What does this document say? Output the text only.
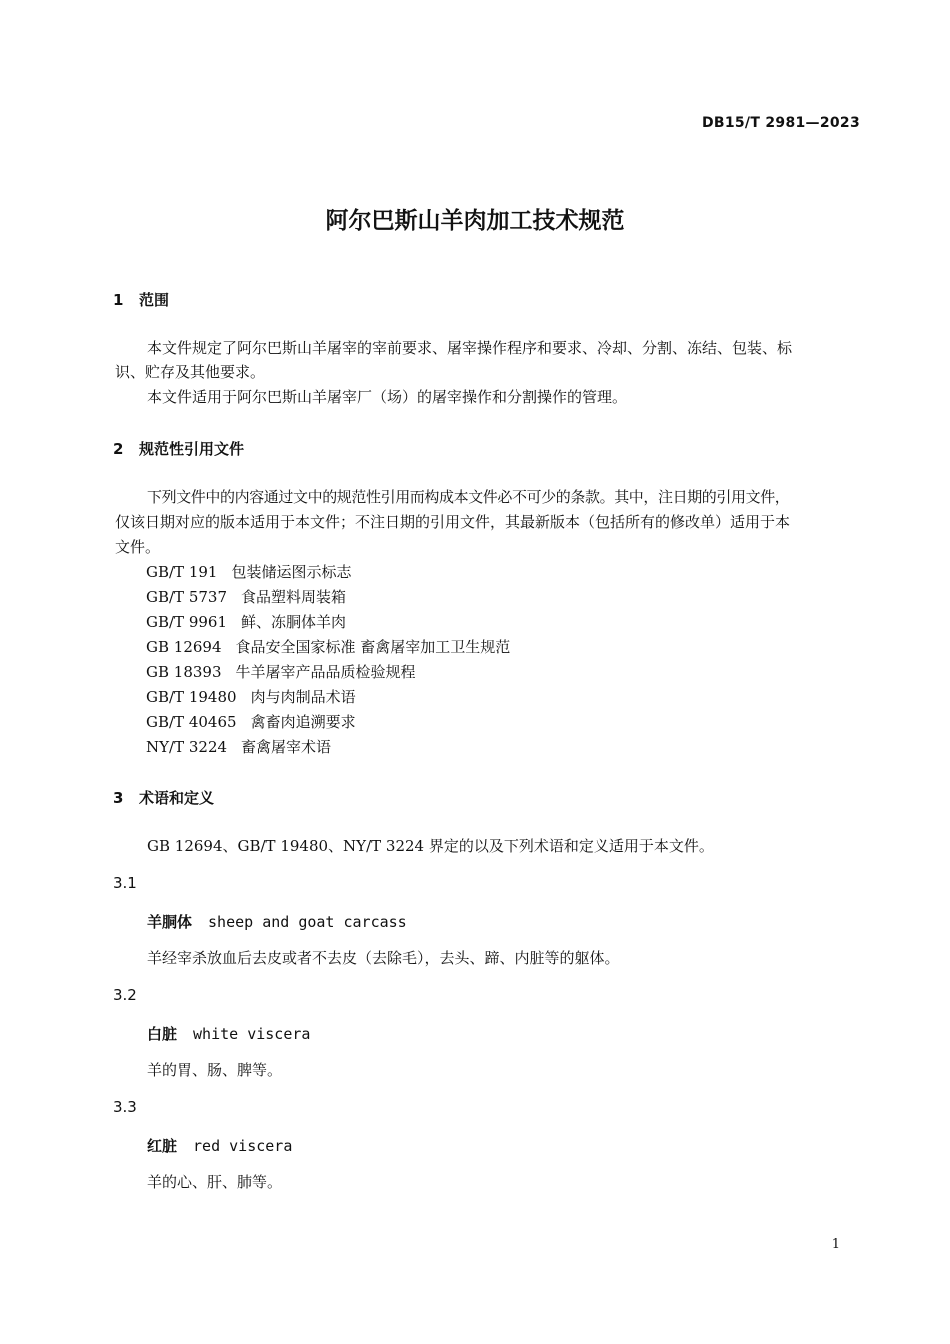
DB15/T 2981—2023
阿尔巴斯山羊肉加工技术规范
1 范围
本文件规定了阿尔巴斯山羊屠宰的宰前要求、屠宰操作程序和要求、冷却、分割、冻结、包装、标
识、贮存及其他要求。
本文件适用于阿尔巴斯山羊屠宰厂（场）的屠宰操作和分割操作的管理。
2 规范性引用文件
下列文件中的内容通过文中的规范性引用而构成本文件必不可少的条款。其中，注日期的引用文件，
仅该日期对应的版本适用于本文件；不注日期的引用文件，其最新版本（包括所有的修改单）适用于本
文件。
GB/T 191 包装储运图示标志
GB/T 5737 食品塑料周装箱
GB/T 9961 鲜、冻胴体羊肉
GB 12694 食品安全国家标准 畜禽屠宰加工卫生规范
GB 18393 牛羊屠宰产品品质检验规程
GB/T 19480 肉与肉制品术语
GB/T 40465 禽畜肉追溯要求
NY/T 3224 畜禽屠宰术语
3 术语和定义
GB 12694、GB/T 19480、NY/T 3224 界定的以及下列术语和定义适用于本文件。
3.1
羊胴体 sheep and goat carcass
羊经宰杀放血后去皮或者不去皮（去除毛），去头、蹄、内脏等的躯体。
3.2
白脏 white viscera
羊的胃、肠、脾等。
3.3
红脏 red viscera
羊的心、肝、肺等。
1
